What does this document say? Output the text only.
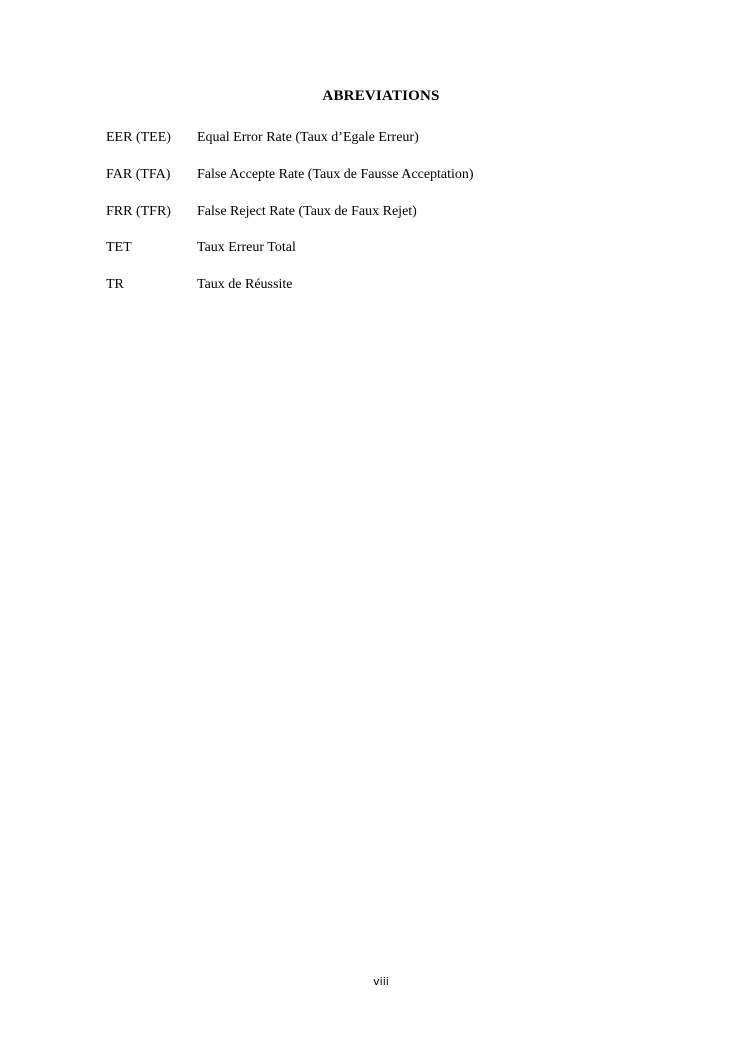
ABREVIATIONS
EER (TEE)	Equal Error Rate (Taux d’Egale Erreur)
FAR (TFA)	False Accepte Rate (Taux de Fausse Acceptation)
FRR (TFR)	False Reject Rate (Taux de Faux Rejet)
TET	Taux Erreur Total
TR	Taux de Réussite
viii
